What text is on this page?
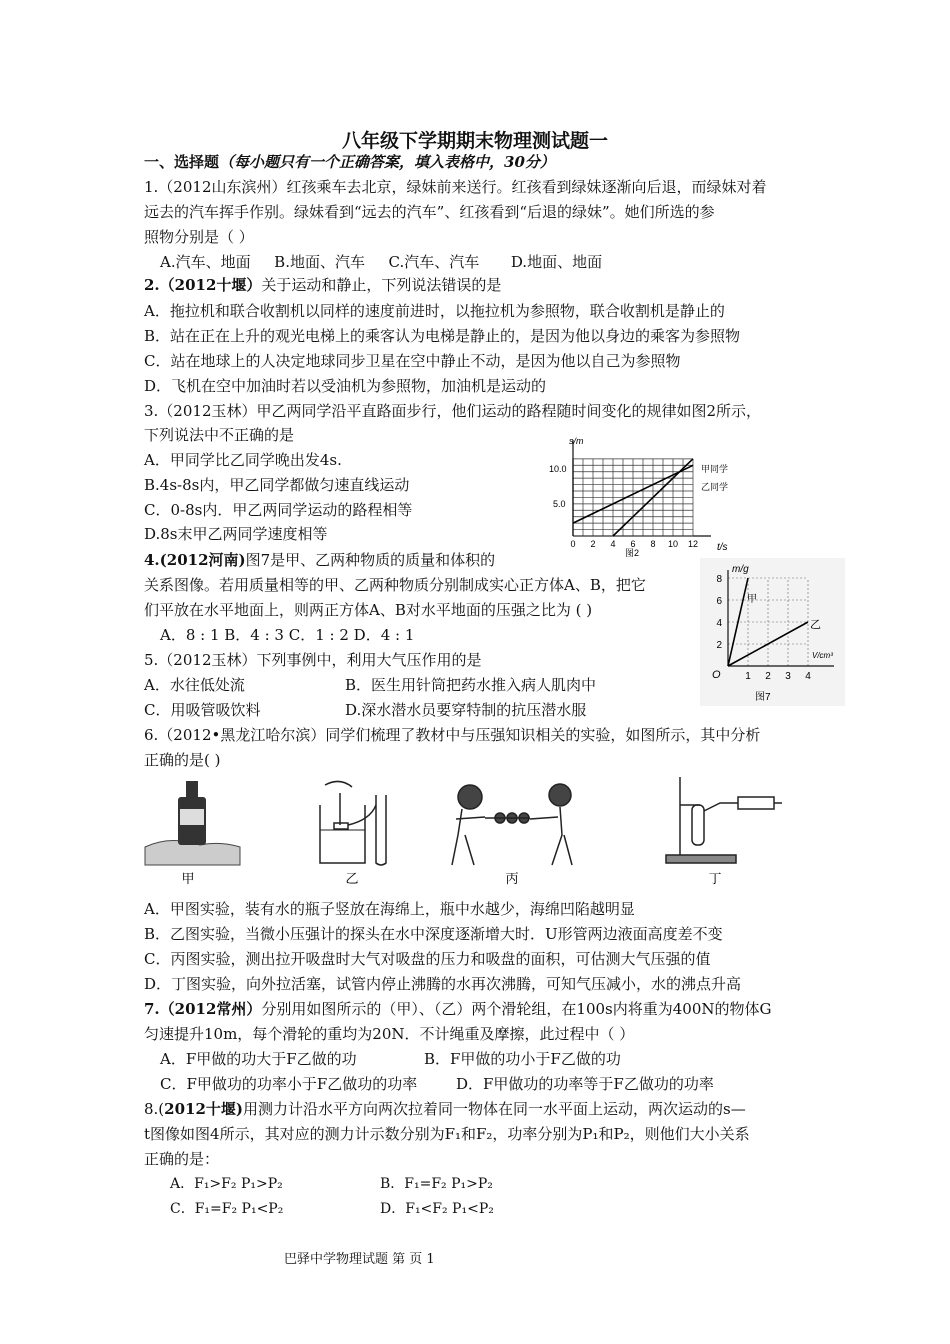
八年级下学期期末物理测试题一
一、选择题（每小题只有一个正确答案，填入表格中，30分）
1.（2012山东滨州）红孩乘车去北京，绿妹前来送行。红孩看到绿妹逐渐向后退，而绿妹对着
远去的汽车挥手作别。绿妹看到“远去的汽车”、红孩看到“后退的绿妹”。她们所选的参
照物分别是（ ）
A.汽车、地面 B.地面、汽车 C.汽车、汽车 D.地面、地面
2.（2012十堰）关于运动和静止，下列说法错误的是
A．拖拉机和联合收割机以同样的速度前进时，以拖拉机为参照物，联合收割机是静止的
B．站在正在上升的观光电梯上的乘客认为电梯是静止的，是因为他以身边的乘客为参照物
C．站在地球上的人决定地球同步卫星在空中静止不动，是因为他以自己为参照物
D．飞机在空中加油时若以受油机为参照物，加油机是运动的
3.（2012玉林）甲乙两同学沿平直路面步行，他们运动的路程随时间变化的规律如图2所示，
下列说法中不正确的是
A．甲同学比乙同学晚出发4s.
B.4s-8s内，甲乙同学都做匀速直线运动
C．0-8s内．甲乙两同学运动的路程相等
D.8s末甲乙两同学速度相等
s/m
10.0
5.0
0 2 4 6 8 10 12 t/s
图2
甲同学
乙同学
4.(2012河南)图7是甲、乙两种物质的质量和体积的
关系图像。若用质量相等的甲、乙两种物质分别制成实心正方体A、B，把它
们平放在水平地面上，则两正方体A、B对水平地面的压强之比为 ( )
A．8 : 1 B．4 : 3 C．1 : 2 D．4 : 1
m/g
8
6
4
2
1 2 3 4
O
V/cm³
图7
甲
乙
5.（2012玉林）下列事例中，利用大气压作用的是
A．水往低处流	B．医生用针筒把药水推入病人肌肉中
C．用吸管吸饮料	D.深水潜水员要穿特制的抗压潜水服
6.（2012•黑龙江哈尔滨）同学们梳理了教材中与压强知识相关的实验，如图所示，其中分析
正确的是( )
甲	乙	丙	丁
A．甲图实验，装有水的瓶子竖放在海绵上，瓶中水越少，海绵凹陷越明显
B．乙图实验，当微小压强计的探头在水中深度逐渐增大时．U形管两边液面高度差不变
C．丙图实验，测出拉开吸盘时大气对吸盘的压力和吸盘的面积，可估测大气压强的值
D．丁图实验，向外拉活塞，试管内停止沸腾的水再次沸腾，可知气压减小，水的沸点升高
7.（2012常州）分别用如图所示的（甲）、（乙）两个滑轮组，在100s内将重为400N的物体G
匀速提升10m，每个滑轮的重均为20N．不计绳重及摩擦，此过程中（ ）
A．F甲做的功大于F乙做的功	B．F甲做的功小于F乙做的功
C．F甲做功的功率小于F乙做功的功率	D．F甲做功的功率等于F乙做功的功率
8.(2012十堰)用测力计沿水平方向两次拉着同一物体在同一水平面上运动，两次运动的s—
t图像如图4所示，其对应的测力计示数分别为F₁和F₂，功率分别为P₁和P₂，则他们大小关系
正确的是：
A．F₁>F₂ P₁>P₂	B．F₁=F₂ P₁>P₂
C．F₁=F₂ P₁<P₂	D．F₁<F₂ P₁<P₂
巴驿中学物理试题 第 页 1
